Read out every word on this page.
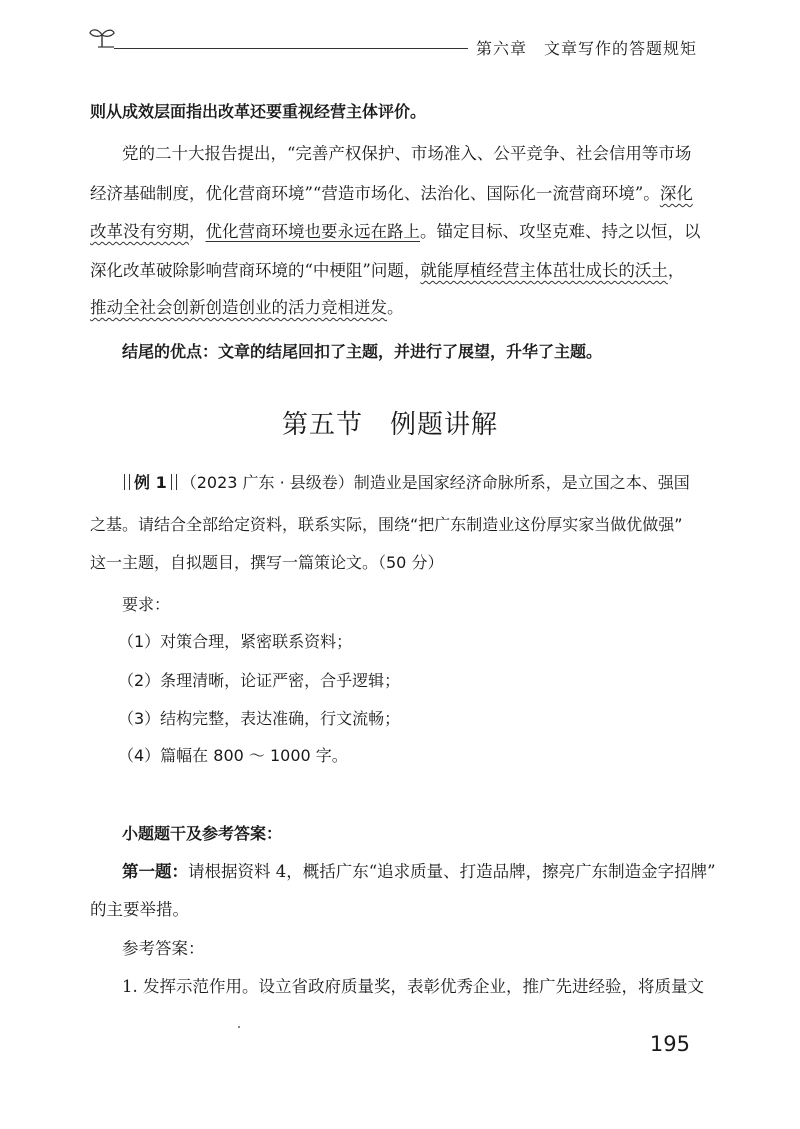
第六章　文章写作的答题规矩
则从成效层面指出改革还要重视经营主体评价。
党的二十大报告提出，“完善产权保护、市场准入、公平竞争、社会信用等市场
经济基础制度，优化营商环境”“营造市场化、法治化、国际化一流营商环境”。深化
改革没有穷期，优化营商环境也要永远在路上。锚定目标、攻坚克难、持之以恒，以
深化改革破除影响营商环境的“中梗阻”问题，就能厚植经营主体茁壮成长的沃土，
推动全社会创新创造创业的活力竞相迸发。
结尾的优点：文章的结尾回扣了主题，并进行了展望，升华了主题。
第五节　例题讲解
例 1 （2023 广东 · 县级卷）制造业是国家经济命脉所系，是立国之本、强国
之基。请结合全部给定资料，联系实际，围绕“把广东制造业这份厚实家当做优做强”
这一主题，自拟题目，撰写一篇策论文。（50 分）
要求：
（1）对策合理，紧密联系资料；
（2）条理清晰，论证严密，合乎逻辑；
（3）结构完整，表达准确，行文流畅；
（4）篇幅在 800 ～ 1000 字。
小题题干及参考答案：
第一题：请根据资料 4，概括广东“追求质量、打造品牌，擦亮广东制造金字招牌”
的主要举措。
参考答案：
1. 发挥示范作用。设立省政府质量奖，表彰优秀企业，推广先进经验，将质量文
195
